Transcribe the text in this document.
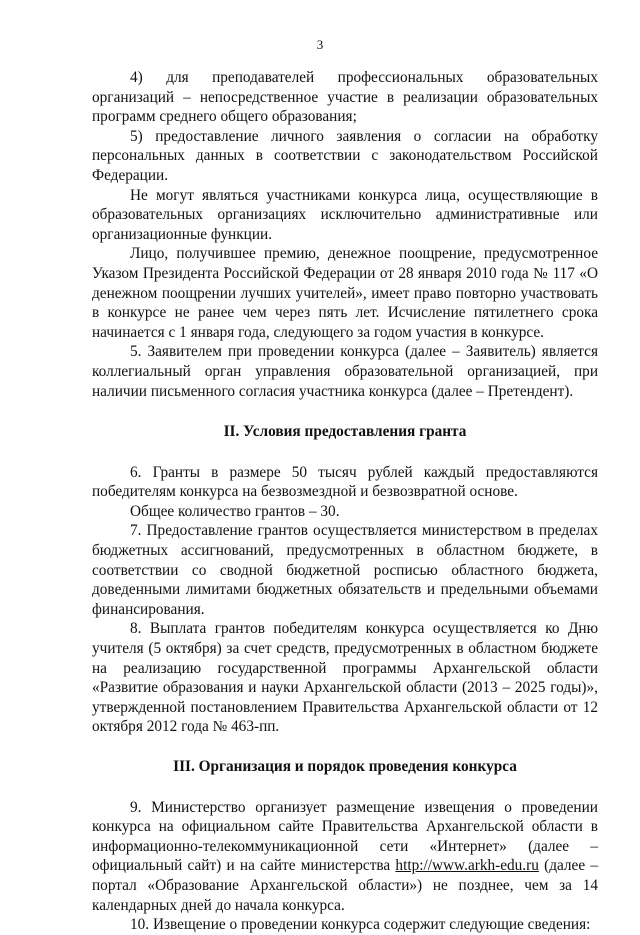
3

4) для преподавателей профессиональных образовательных организаций – непосредственное участие в реализации образовательных программ среднего общего образования;

5) предоставление личного заявления о согласии на обработку персональных данных в соответствии с законодательством Российской Федерации.

Не могут являться участниками конкурса лица, осуществляющие в образовательных организациях исключительно административные или организационные функции.

Лицо, получившее премию, денежное поощрение, предусмотренное Указом Президента Российской Федерации от 28 января 2010 года № 117 «О денежном поощрении лучших учителей», имеет право повторно участвовать в конкурсе не ранее чем через пять лет. Исчисление пятилетнего срока начинается с 1 января года, следующего за годом участия в конкурсе.

5. Заявителем при проведении конкурса (далее – Заявитель) является коллегиальный орган управления образовательной организацией, при наличии письменного согласия участника конкурса (далее – Претендент).

II. Условия предоставления гранта

6. Гранты в размере 50 тысяч рублей каждый предоставляются победителям конкурса на безвозмездной и безвозвратной основе.

Общее количество грантов – 30.

7. Предоставление грантов осуществляется министерством в пределах бюджетных ассигнований, предусмотренных в областном бюджете, в соответствии со сводной бюджетной росписью областного бюджета, доведенными лимитами бюджетных обязательств и предельными объемами финансирования.

8. Выплата грантов победителям конкурса осуществляется ко Дню учителя (5 октября) за счет средств, предусмотренных в областном бюджете на реализацию государственной программы Архангельской области «Развитие образования и науки Архангельской области (2013 – 2025 годы)», утвержденной постановлением Правительства Архангельской области от 12 октября 2012 года № 463-пп.

III. Организация и порядок проведения конкурса

9. Министерство организует размещение извещения о проведении конкурса на официальном сайте Правительства Архангельской области в информационно-телекоммуникационной сети «Интернет» (далее – официальный сайт) и на сайте министерства http://www.arkh-edu.ru (далее – портал «Образование Архангельской области») не позднее, чем за 14 календарных дней до начала конкурса.

10. Извещение о проведении конкурса содержит следующие сведения:
